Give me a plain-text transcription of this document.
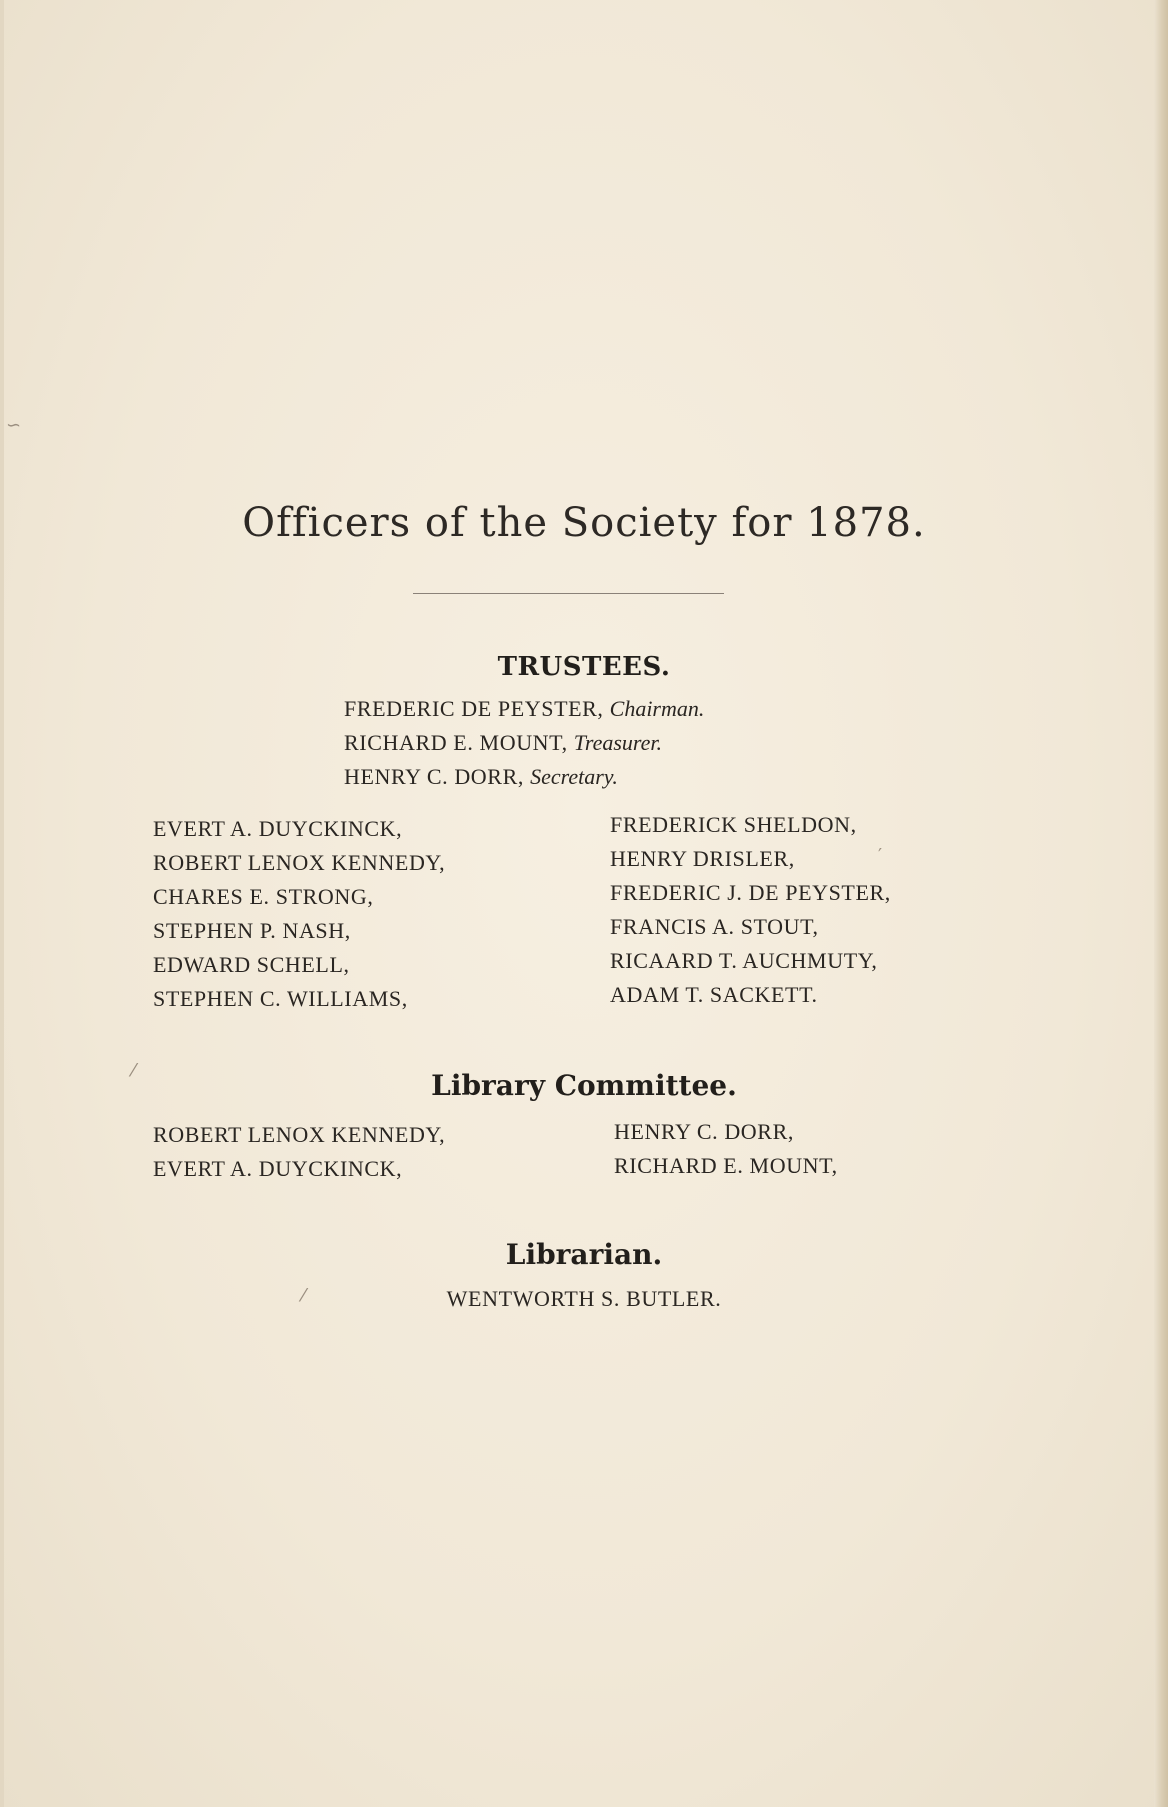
Officers of the Society for 1878.
TRUSTEES.
FREDERIC DE PEYSTER, Chairman.
RICHARD E. MOUNT, Treasurer.
HENRY C. DORR, Secretary.
EVERT A. DUYCKINCK,
ROBERT LENOX KENNEDY,
CHARES E. STRONG,
STEPHEN P. NASH,
EDWARD SCHELL,
STEPHEN C. WILLIAMS,
FREDERICK SHELDON,
HENRY DRISLER,
FREDERIC J. DE PEYSTER,
FRANCIS A. STOUT,
RICAARD T. AUCHMUTY,
ADAM T. SACKETT.
Library Committee.
ROBERT LENOX KENNEDY,
EVERT A. DUYCKINCK,
HENRY C. DORR,
RICHARD E. MOUNT,
Librarian.
WENTWORTH S. BUTLER.
∽
⁄
⁄
′
